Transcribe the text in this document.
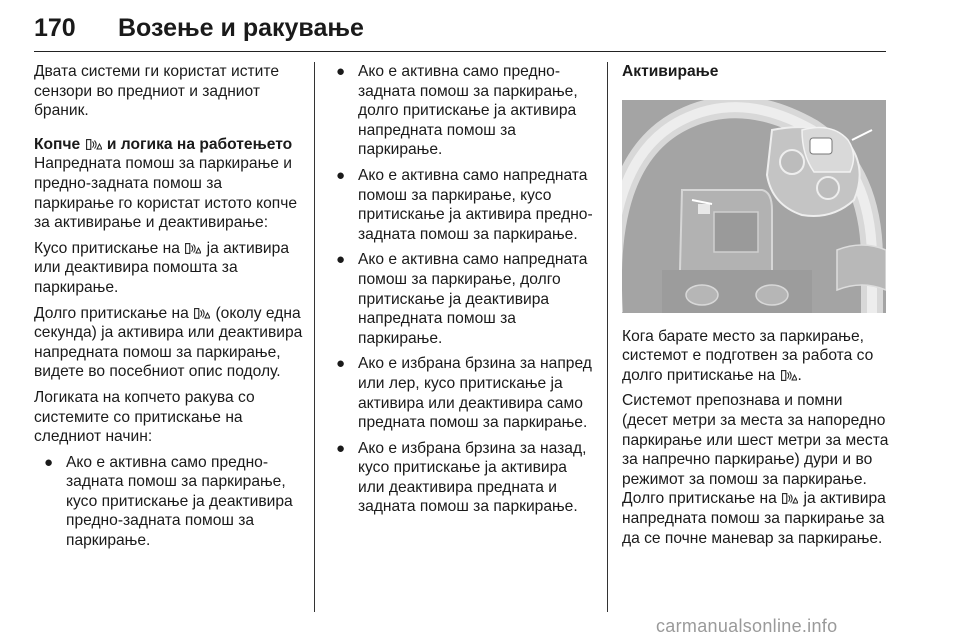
170 Возење и ракување

Двата системи ги користат истите сензори во предниот и задниот браник.

Копче и логика на работењето

Напредната помош за паркирање и предно-задната помош за паркирање го користат истото копче за активирање и деактивирање:

Кусо притискање на ја активира или деактивира помошта за паркирање.

Долго притискање на (околу една секунда) ја активира или деактивира напредната помош за паркирање, видете во посебниот опис подолу.

Логиката на копчето ракува со системите со притискање на следниот начин:

● Ако е активна само предно-задната помош за паркирање, кусо притискање ја деактивира предно-задната помош за паркирање.
● Ако е активна само предно-задната помош за паркирање, долго притискање ја активира напредната помош за паркирање.
● Ако е активна само напредната помош за паркирање, кусо притискање ја активира предно-задната помош за паркирање.
● Ако е активна само напредната помош за паркирање, долго притискање ја деактивира напредната помош за паркирање.
● Ако е избрана брзина за напред или лер, кусо притискање ја активира или деактивира само предната помош за паркирање.
● Ако е избрана брзина за назад, кусо притискање ја активира или деактивира предната и задната помош за паркирање.

Активирање

Кога барате место за паркирање, системот е подготвен за работа со долго притискање на .

Системот препознава и помни (десет метри за места за напоредно паркирање или шест метри за места за напречно паркирање) дури и во режимот за помош за паркирање. Долго притискање на ја активира напредната помош за паркирање за да се почне маневар за паркирање.

carmanualsonline.info
